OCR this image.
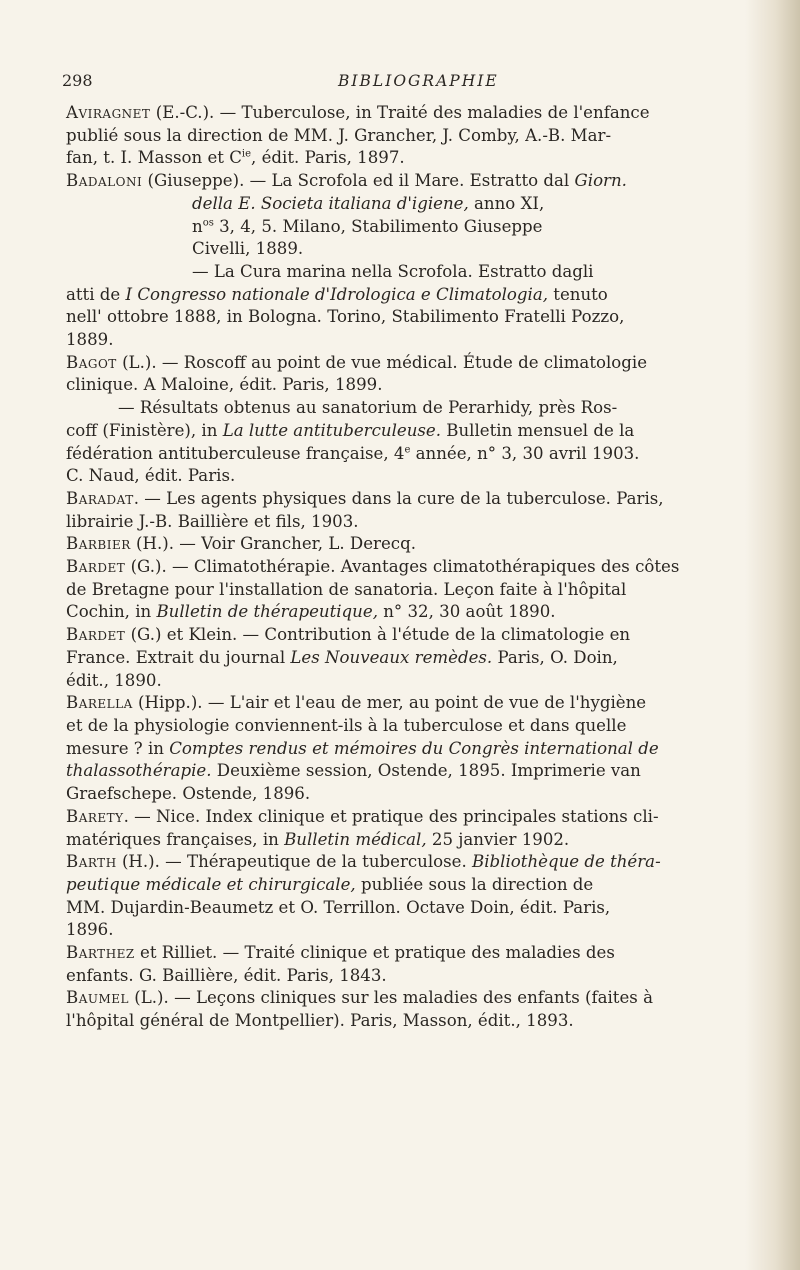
298	BIBLIOGRAPHIE
Aviragnet (E.-C.). — Tuberculose, in Traité des maladies de l'enfance
publié sous la direction de MM. J. Grancher, J. Comby, A.-B. Mar-
fan, t. I. Masson et $C^{ie}$, édit. Paris, 1897.
Badaloni (Giuseppe). — La Scrofola ed il Mare. Estratto dal Giorn.
della E. Societa italiana d'igiene, anno XI,
$n^{os}$ 3, 4, 5. Milano, Stabilimento Giuseppe
Civelli, 1889.
— La Cura marina nella Scrofola. Estratto dagli
atti de I Congresso nationale d'Idrologica e Climatologia, tenuto
nell' ottobre 1888, in Bologna. Torino, Stabilimento Fratelli Pozzo,
1889.
Bagot (L.). — Roscoff au point de vue médical. Étude de climatologie
clinique. A Maloine, édit. Paris, 1899.
— Résultats obtenus au sanatorium de Perarhidy, près Ros-
coff (Finistère), in La lutte antituberculeuse. Bulletin mensuel de la
fédération antituberculeuse française, 4e année, n° 3, 30 avril 1903.
C. Naud, édit. Paris.
Baradat. — Les agents physiques dans la cure de la tuberculose. Paris,
librairie J.-B. Baillière et fils, 1903.
Barbier (H.). — Voir Grancher, L. Derecq.
Bardet (G.). — Climatothérapie. Avantages climatothérapiques des côtes
de Bretagne pour l'installation de sanatoria. Leçon faite à l'hôpital
Cochin, in Bulletin de thérapeutique, n° 32, 30 août 1890.
Bardet (G.) et Klein. — Contribution à l'étude de la climatologie en
France. Extrait du journal Les Nouveaux remèdes. Paris, O. Doin,
édit., 1890.
Barella (Hipp.). — L'air et l'eau de mer, au point de vue de l'hygiène
et de la physiologie conviennent-ils à la tuberculose et dans quelle
mesure ? in Comptes rendus et mémoires du Congrès international de
thalassothérapie. Deuxième session, Ostende, 1895. Imprimerie van
Graefschepe. Ostende, 1896.
Barety. — Nice. Index clinique et pratique des principales stations cli-
matériques françaises, in Bulletin médical, 25 janvier 1902.
Barth (H.). — Thérapeutique de la tuberculose. Bibliothèque de théra-
peutique médicale et chirurgicale, publiée sous la direction de
MM. Dujardin-Beaumetz et O. Terrillon. Octave Doin, édit. Paris,
1896.
Barthez et Rilliet. — Traité clinique et pratique des maladies des
enfants. G. Baillière, édit. Paris, 1843.
Baumel (L.). — Leçons cliniques sur les maladies des enfants (faites à
l'hôpital général de Montpellier). Paris, Masson, édit., 1893.
